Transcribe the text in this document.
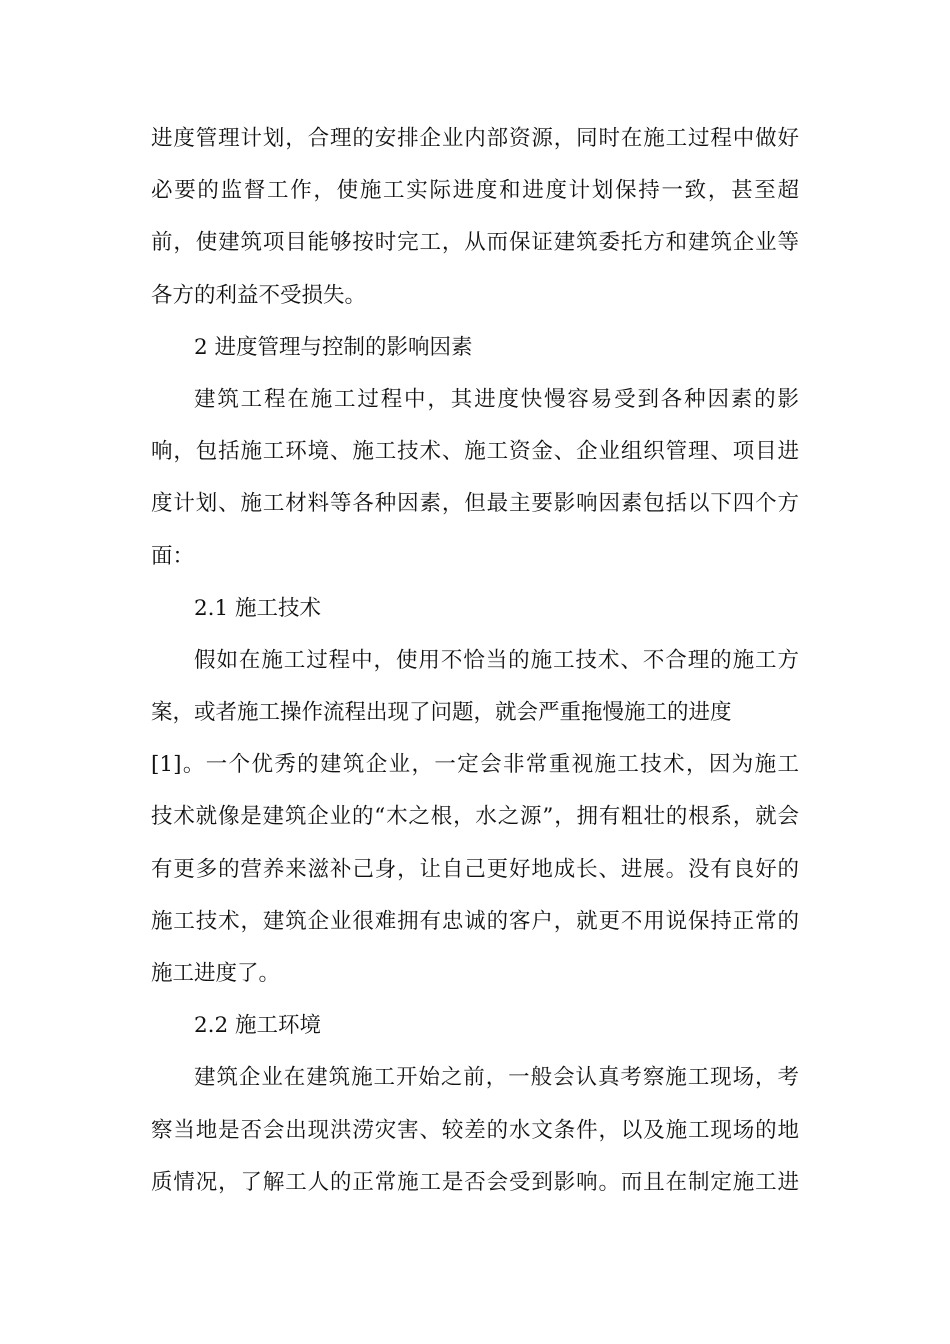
进度管理计划，合理的安排企业内部资源，同时在施工过程中做好
必要的监督工作，使施工实际进度和进度计划保持一致，甚至超
前，使建筑项目能够按时完工，从而保证建筑委托方和建筑企业等
各方的利益不受损失。
2 进度管理与控制的影响因素
建筑工程在施工过程中，其进度快慢容易受到各种因素的影
响，包括施工环境、施工技术、施工资金、企业组织管理、项目进
度计划、施工材料等各种因素，但最主要影响因素包括以下四个方
面：
2.1 施工技术
假如在施工过程中，使用不恰当的施工技术、不合理的施工方
案，或者施工操作流程出现了问题，就会严重拖慢施工的进度
[1]。一个优秀的建筑企业，一定会非常重视施工技术，因为施工
技术就像是建筑企业的“木之根，水之源”，拥有粗壮的根系，就会
有更多的营养来滋补己身，让自己更好地成长、进展。没有良好的
施工技术，建筑企业很难拥有忠诚的客户，就更不用说保持正常的
施工进度了。
2.2 施工环境
建筑企业在建筑施工开始之前，一般会认真考察施工现场，考
察当地是否会出现洪涝灾害、较差的水文条件，以及施工现场的地
质情况，了解工人的正常施工是否会受到影响。而且在制定施工进
